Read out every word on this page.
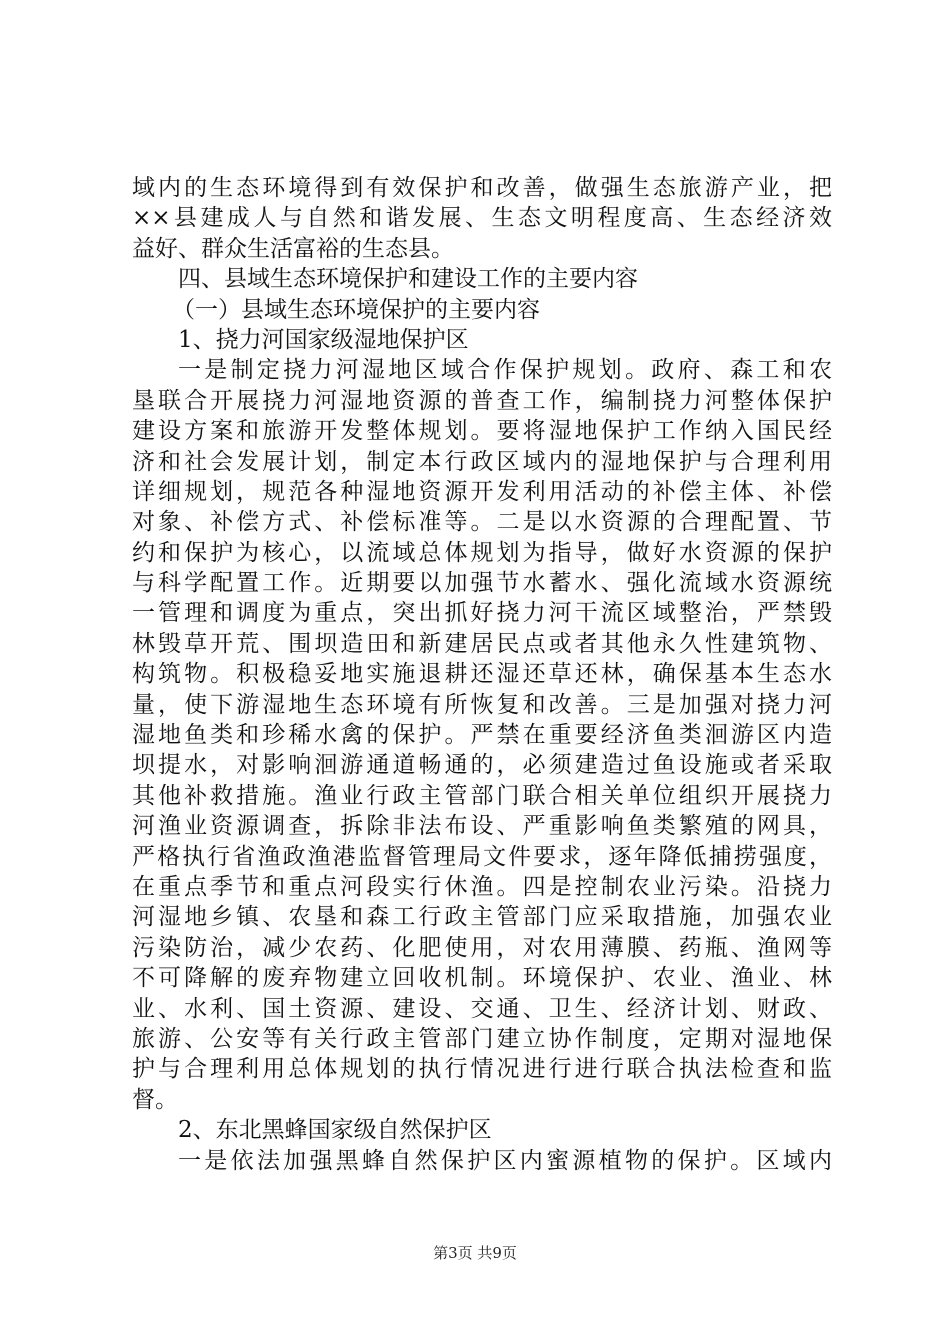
域内的生态环境得到有效保护和改善，做强生态旅游产业，把
××县建成人与自然和谐发展、生态文明程度高、生态经济效
益好、群众生活富裕的生态县。
四、县域生态环境保护和建设工作的主要内容
（一）县域生态环境保护的主要内容
1、挠力河国家级湿地保护区
一是制定挠力河湿地区域合作保护规划。政府、森工和农
垦联合开展挠力河湿地资源的普查工作，编制挠力河整体保护
建设方案和旅游开发整体规划。要将湿地保护工作纳入国民经
济和社会发展计划，制定本行政区域内的湿地保护与合理利用
详细规划，规范各种湿地资源开发利用活动的补偿主体、补偿
对象、补偿方式、补偿标准等。二是以水资源的合理配置、节
约和保护为核心，以流域总体规划为指导，做好水资源的保护
与科学配置工作。近期要以加强节水蓄水、强化流域水资源统
一管理和调度为重点，突出抓好挠力河干流区域整治，严禁毁
林毁草开荒、围坝造田和新建居民点或者其他永久性建筑物、
构筑物。积极稳妥地实施退耕还湿还草还林，确保基本生态水
量，使下游湿地生态环境有所恢复和改善。三是加强对挠力河
湿地鱼类和珍稀水禽的保护。严禁在重要经济鱼类洄游区内造
坝提水，对影响洄游通道畅通的，必须建造过鱼设施或者采取
其他补救措施。渔业行政主管部门联合相关单位组织开展挠力
河渔业资源调查，拆除非法布设、严重影响鱼类繁殖的网具，
严格执行省渔政渔港监督管理局文件要求，逐年降低捕捞强度，
在重点季节和重点河段实行休渔。四是控制农业污染。沿挠力
河湿地乡镇、农垦和森工行政主管部门应采取措施，加强农业
污染防治，减少农药、化肥使用，对农用薄膜、药瓶、渔网等
不可降解的废弃物建立回收机制。环境保护、农业、渔业、林
业、水利、国土资源、建设、交通、卫生、经济计划、财政、
旅游、公安等有关行政主管部门建立协作制度，定期对湿地保
护与合理利用总体规划的执行情况进行进行联合执法检查和监
督。
2、东北黑蜂国家级自然保护区
一是依法加强黑蜂自然保护区内蜜源植物的保护。区域内
第3页 共9页
